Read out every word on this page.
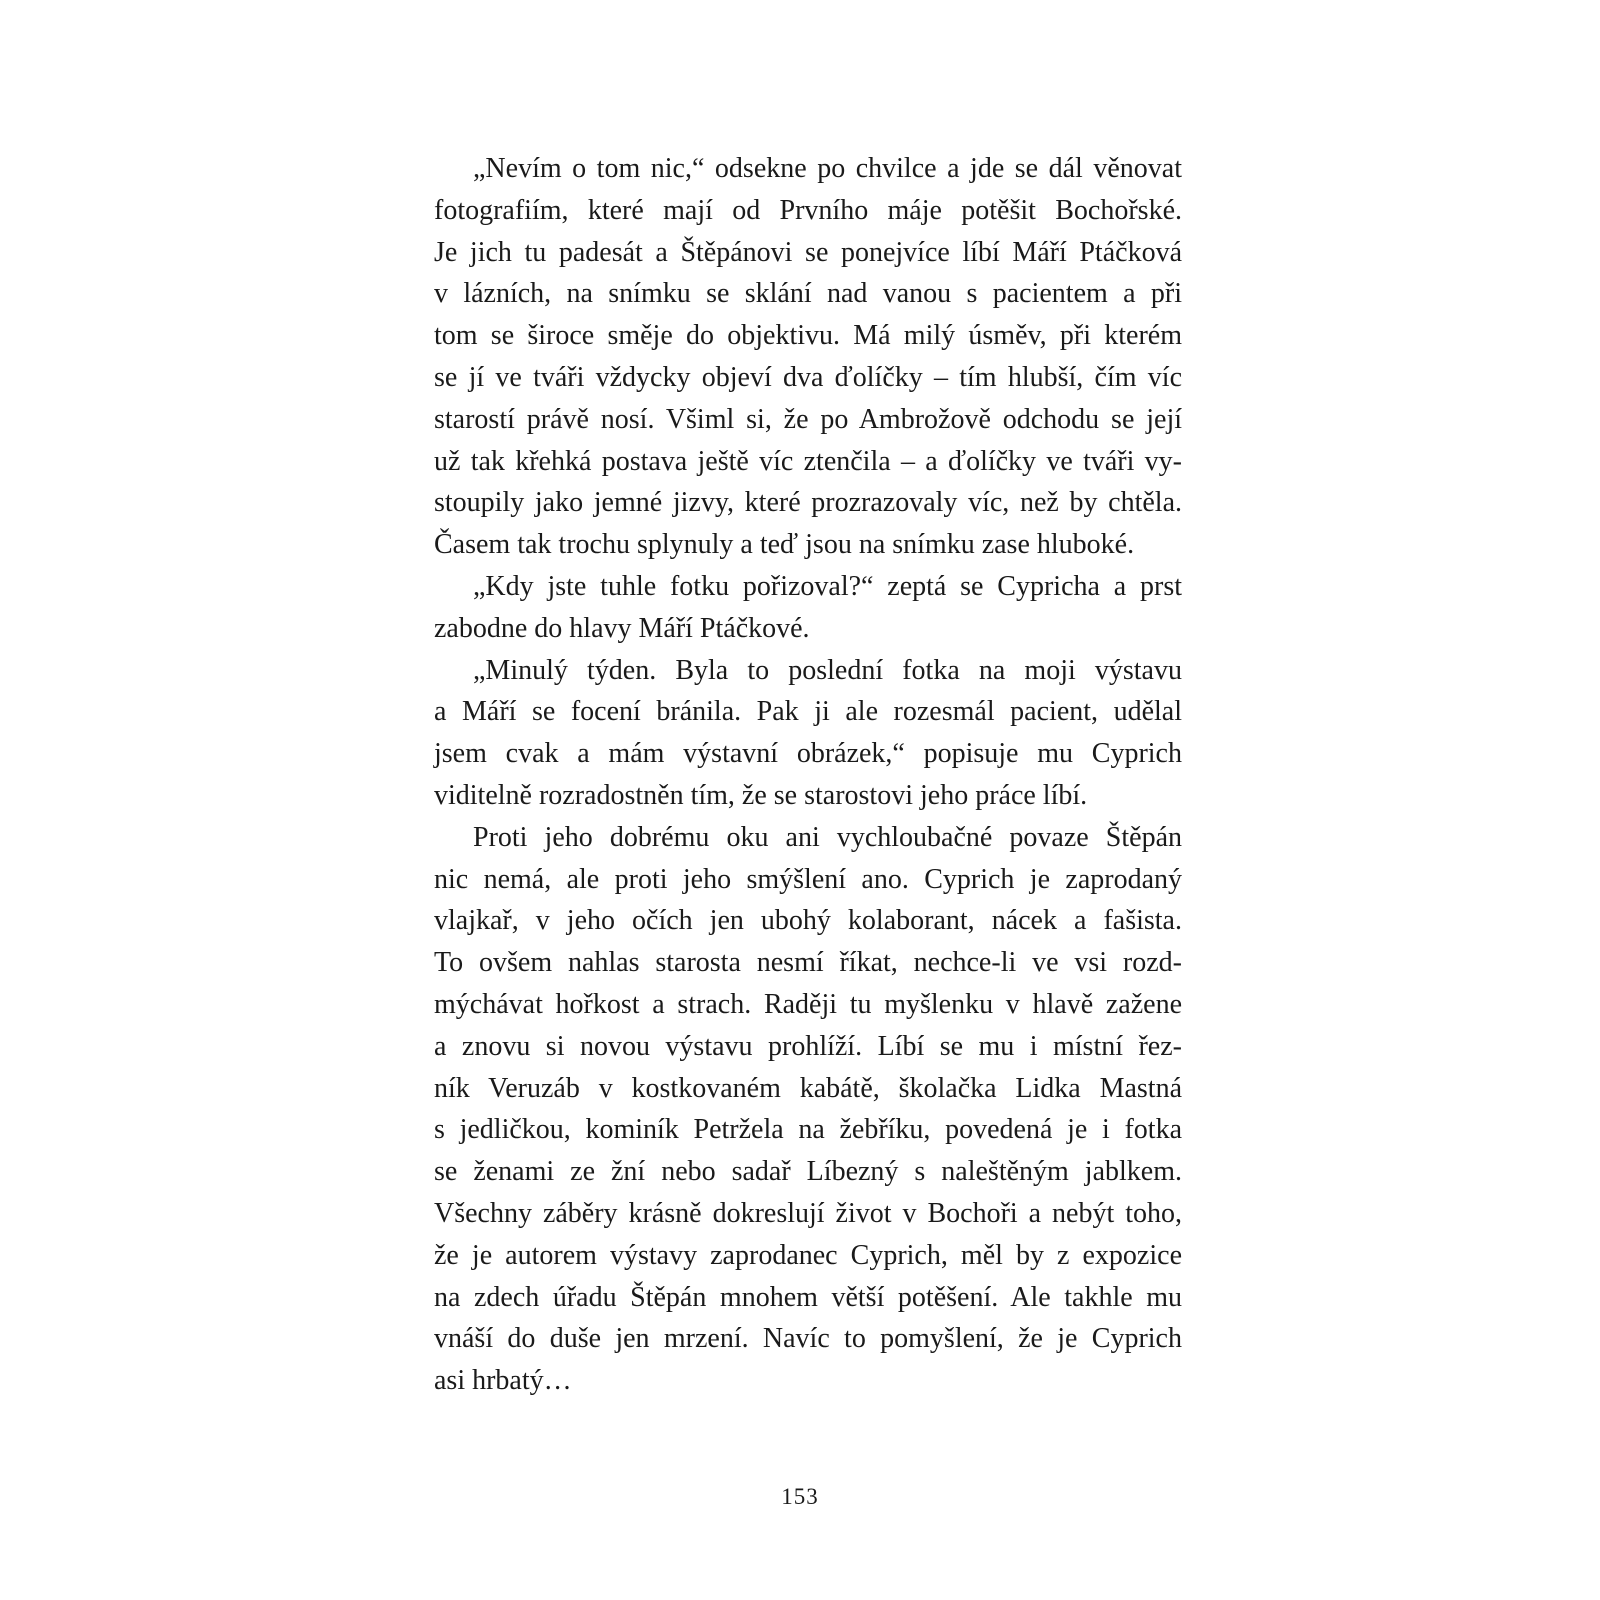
„Nevím o tom nic,“ odsekne po chvilce a jde se dál věnovat
fotografiím, které mají od Prvního máje potěšit Bochořské.
Je jich tu padesát a Štěpánovi se ponejvíce líbí Máří Ptáčková
v lázních, na snímku se sklání nad vanou s pacientem a při
tom se široce směje do objektivu. Má milý úsměv, při kterém
se jí ve tváři vždycky objeví dva ďolíčky – tím hlubší, čím víc
starostí právě nosí. Všiml si, že po Ambrožově odchodu se její
už tak křehká postava ještě víc ztenčila – a ďolíčky ve tváři vy-
stoupily jako jemné jizvy, které prozrazovaly víc, než by chtěla.
Časem tak trochu splynuly a teď jsou na snímku zase hluboké.
„Kdy jste tuhle fotku pořizoval?“ zeptá se Cypricha a prst
zabodne do hlavy Máří Ptáčkové.
„Minulý týden. Byla to poslední fotka na moji výstavu
a Máří se focení bránila. Pak ji ale rozesmál pacient, udělal
jsem cvak a mám výstavní obrázek,“ popisuje mu Cyprich
viditelně rozradostněn tím, že se starostovi jeho práce líbí.
Proti jeho dobrému oku ani vychloubačné povaze Štěpán
nic nemá, ale proti jeho smýšlení ano. Cyprich je zaprodaný
vlajkař, v jeho očích jen ubohý kolaborant, nácek a fašista.
To ovšem nahlas starosta nesmí říkat, nechce-li ve vsi rozd-
mýchávat hořkost a strach. Raději tu myšlenku v hlavě zažene
a znovu si novou výstavu prohlíží. Líbí se mu i místní řez-
ník Veruzáb v kostkovaném kabátě, školačka Lidka Mastná
s jedličkou, kominík Petržela na žebříku, povedená je i fotka
se ženami ze žní nebo sadař Líbezný s naleštěným jablkem.
Všechny záběry krásně dokreslují život v Bochoři a nebýt toho,
že je autorem výstavy zaprodanec Cyprich, měl by z expozice
na zdech úřadu Štěpán mnohem větší potěšení. Ale takhle mu
vnáší do duše jen mrzení. Navíc to pomyšlení, že je Cyprich
asi hrbatý…
153
